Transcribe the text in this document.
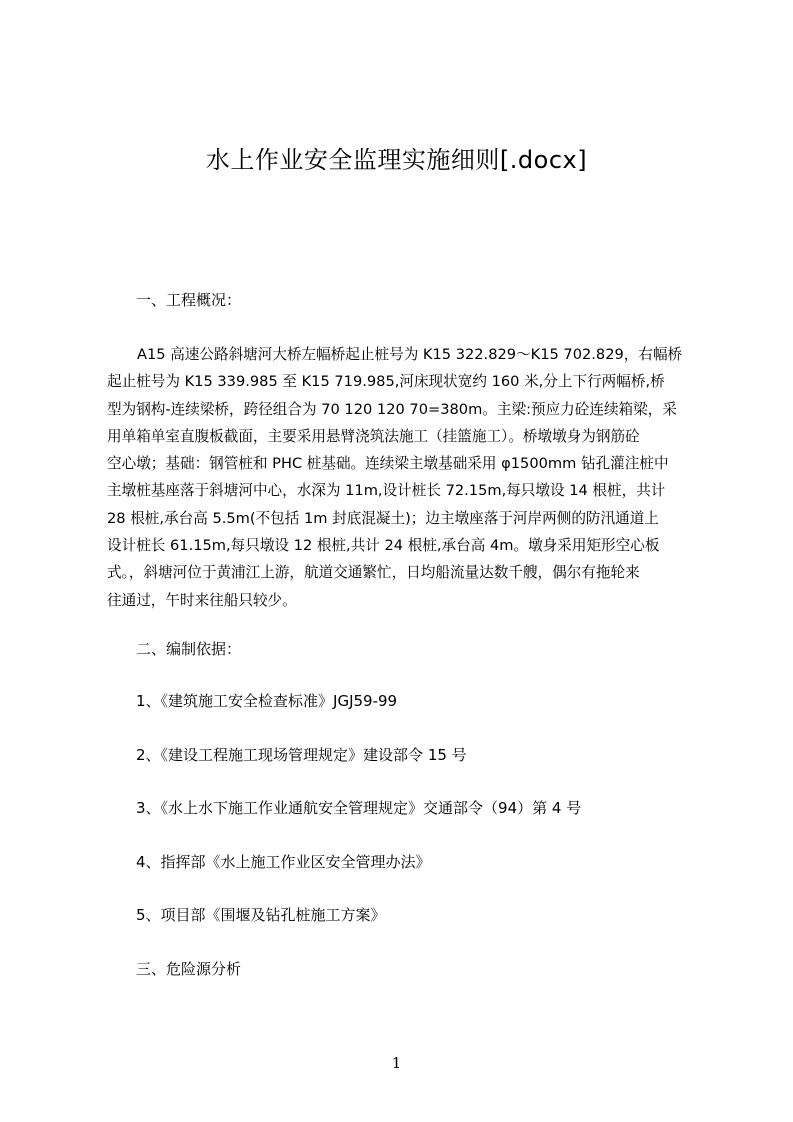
水上作业安全监理实施细则[.docx]
一、工程概况：
A15 高速公路斜塘河大桥左幅桥起止桩号为 K15 322.829～K15 702.829，右幅桥
起止桩号为 K15 339.985 至 K15 719.985,河床现状宽约 160 米,分上下行两幅桥,桥
型为钢构-连续梁桥，跨径组合为 70 120 120 70=380m。主梁:预应力砼连续箱梁，采
用单箱单室直腹板截面，主要采用悬臂浇筑法施工（挂篮施工）。桥墩墩身为钢筋砼
空心墩；基础：钢管桩和 PHC 桩基础。连续梁主墩基础采用 φ1500mm 钻孔灌注桩中
主墩桩基座落于斜塘河中心，水深为 11m,设计桩长 72.15m,每只墩设 14 根桩，共计
28 根桩,承台高 5.5m(不包括 1m 封底混凝土)；边主墩座落于河岸两侧的防汛通道上
设计桩长 61.15m,每只墩设 12 根桩,共计 24 根桩,承台高 4m。墩身采用矩形空心板
式。，斜塘河位于黄浦江上游，航道交通繁忙，日均船流量达数千艘，偶尔有拖轮来
往通过，午时来往船只较少。
二、编制依据：
1、《建筑施工安全检查标准》JGJ59-99
2、《建设工程施工现场管理规定》建设部令 15 号
3、《水上水下施工作业通航安全管理规定》交通部令（94）第 4 号
4、指挥部《水上施工作业区安全管理办法》
5、项目部《围堰及钻孔桩施工方案》
三、危险源分析
1
